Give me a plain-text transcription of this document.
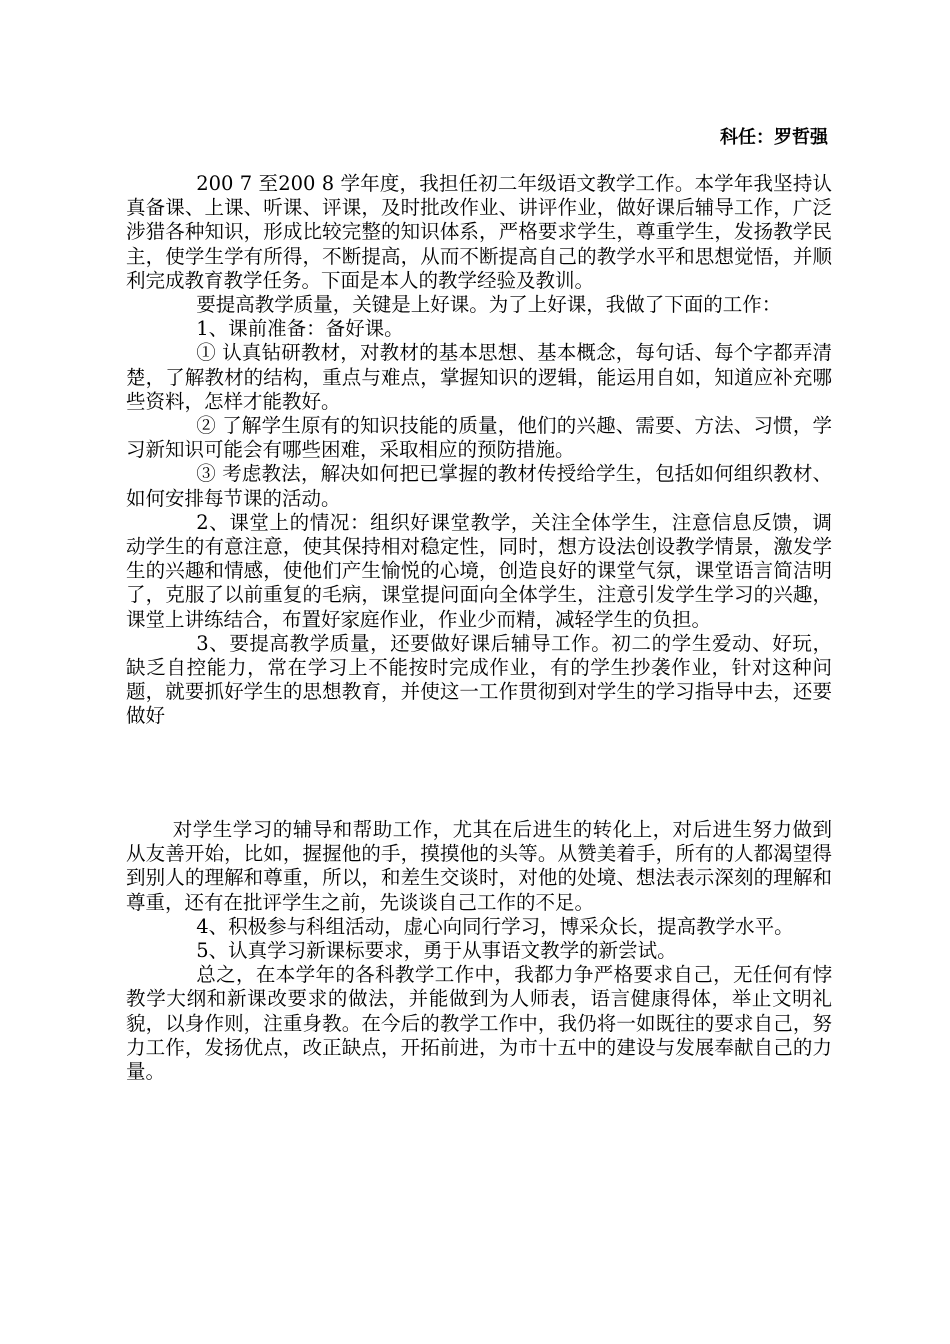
科任：罗哲强

200 7 至200 8 学年度，我担任初二年级语文教学工作。本学年我坚持认真备课、上课、听课、评课，及时批改作业、讲评作业，做好课后辅导工作，广泛涉猎各种知识，形成比较完整的知识体系，严格要求学生，尊重学生，发扬教学民主，使学生学有所得，不断提高，从而不断提高自己的教学水平和思想觉悟，并顺利完成教育教学任务。下面是本人的教学经验及教训。

要提高教学质量，关键是上好课。为了上好课，我做了下面的工作：

1、课前准备：备好课。

① 认真钻研教材，对教材的基本思想、基本概念，每句话、每个字都弄清楚，了解教材的结构，重点与难点，掌握知识的逻辑，能运用自如，知道应补充哪些资料，怎样才能教好。

② 了解学生原有的知识技能的质量，他们的兴趣、需要、方法、习惯，学习新知识可能会有哪些困难，采取相应的预防措施。

③ 考虑教法，解决如何把已掌握的教材传授给学生，包括如何组织教材、如何安排每节课的活动。

2、课堂上的情况：组织好课堂教学，关注全体学生，注意信息反馈，调动学生的有意注意，使其保持相对稳定性，同时，想方设法创设教学情景，激发学生的兴趣和情感，使他们产生愉悦的心境，创造良好的课堂气氛，课堂语言简洁明了，克服了以前重复的毛病，课堂提问面向全体学生，注意引发学生学习的兴趣，课堂上讲练结合，布置好家庭作业，作业少而精，减轻学生的负担。

3、要提高教学质量，还要做好课后辅导工作。初二的学生爱动、好玩，缺乏自控能力，常在学习上不能按时完成作业，有的学生抄袭作业，针对这种问题，就要抓好学生的思想教育，并使这一工作贯彻到对学生的学习指导中去，还要做好

对学生学习的辅导和帮助工作，尤其在后进生的转化上，对后进生努力做到从友善开始，比如，握握他的手，摸摸他的头等。从赞美着手，所有的人都渴望得到别人的理解和尊重，所以，和差生交谈时，对他的处境、想法表示深刻的理解和尊重，还有在批评学生之前，先谈谈自己工作的不足。

4、积极参与科组活动，虚心向同行学习，博采众长，提高教学水平。

5、认真学习新课标要求，勇于从事语文教学的新尝试。

总之，在本学年的各科教学工作中，我都力争严格要求自己，无任何有悖教学大纲和新课改要求的做法，并能做到为人师表，语言健康得体，举止文明礼貌，以身作则，注重身教。在今后的教学工作中，我仍将一如既往的要求自己，努力工作，发扬优点，改正缺点，开拓前进，为市十五中的建设与发展奉献自己的力量。
